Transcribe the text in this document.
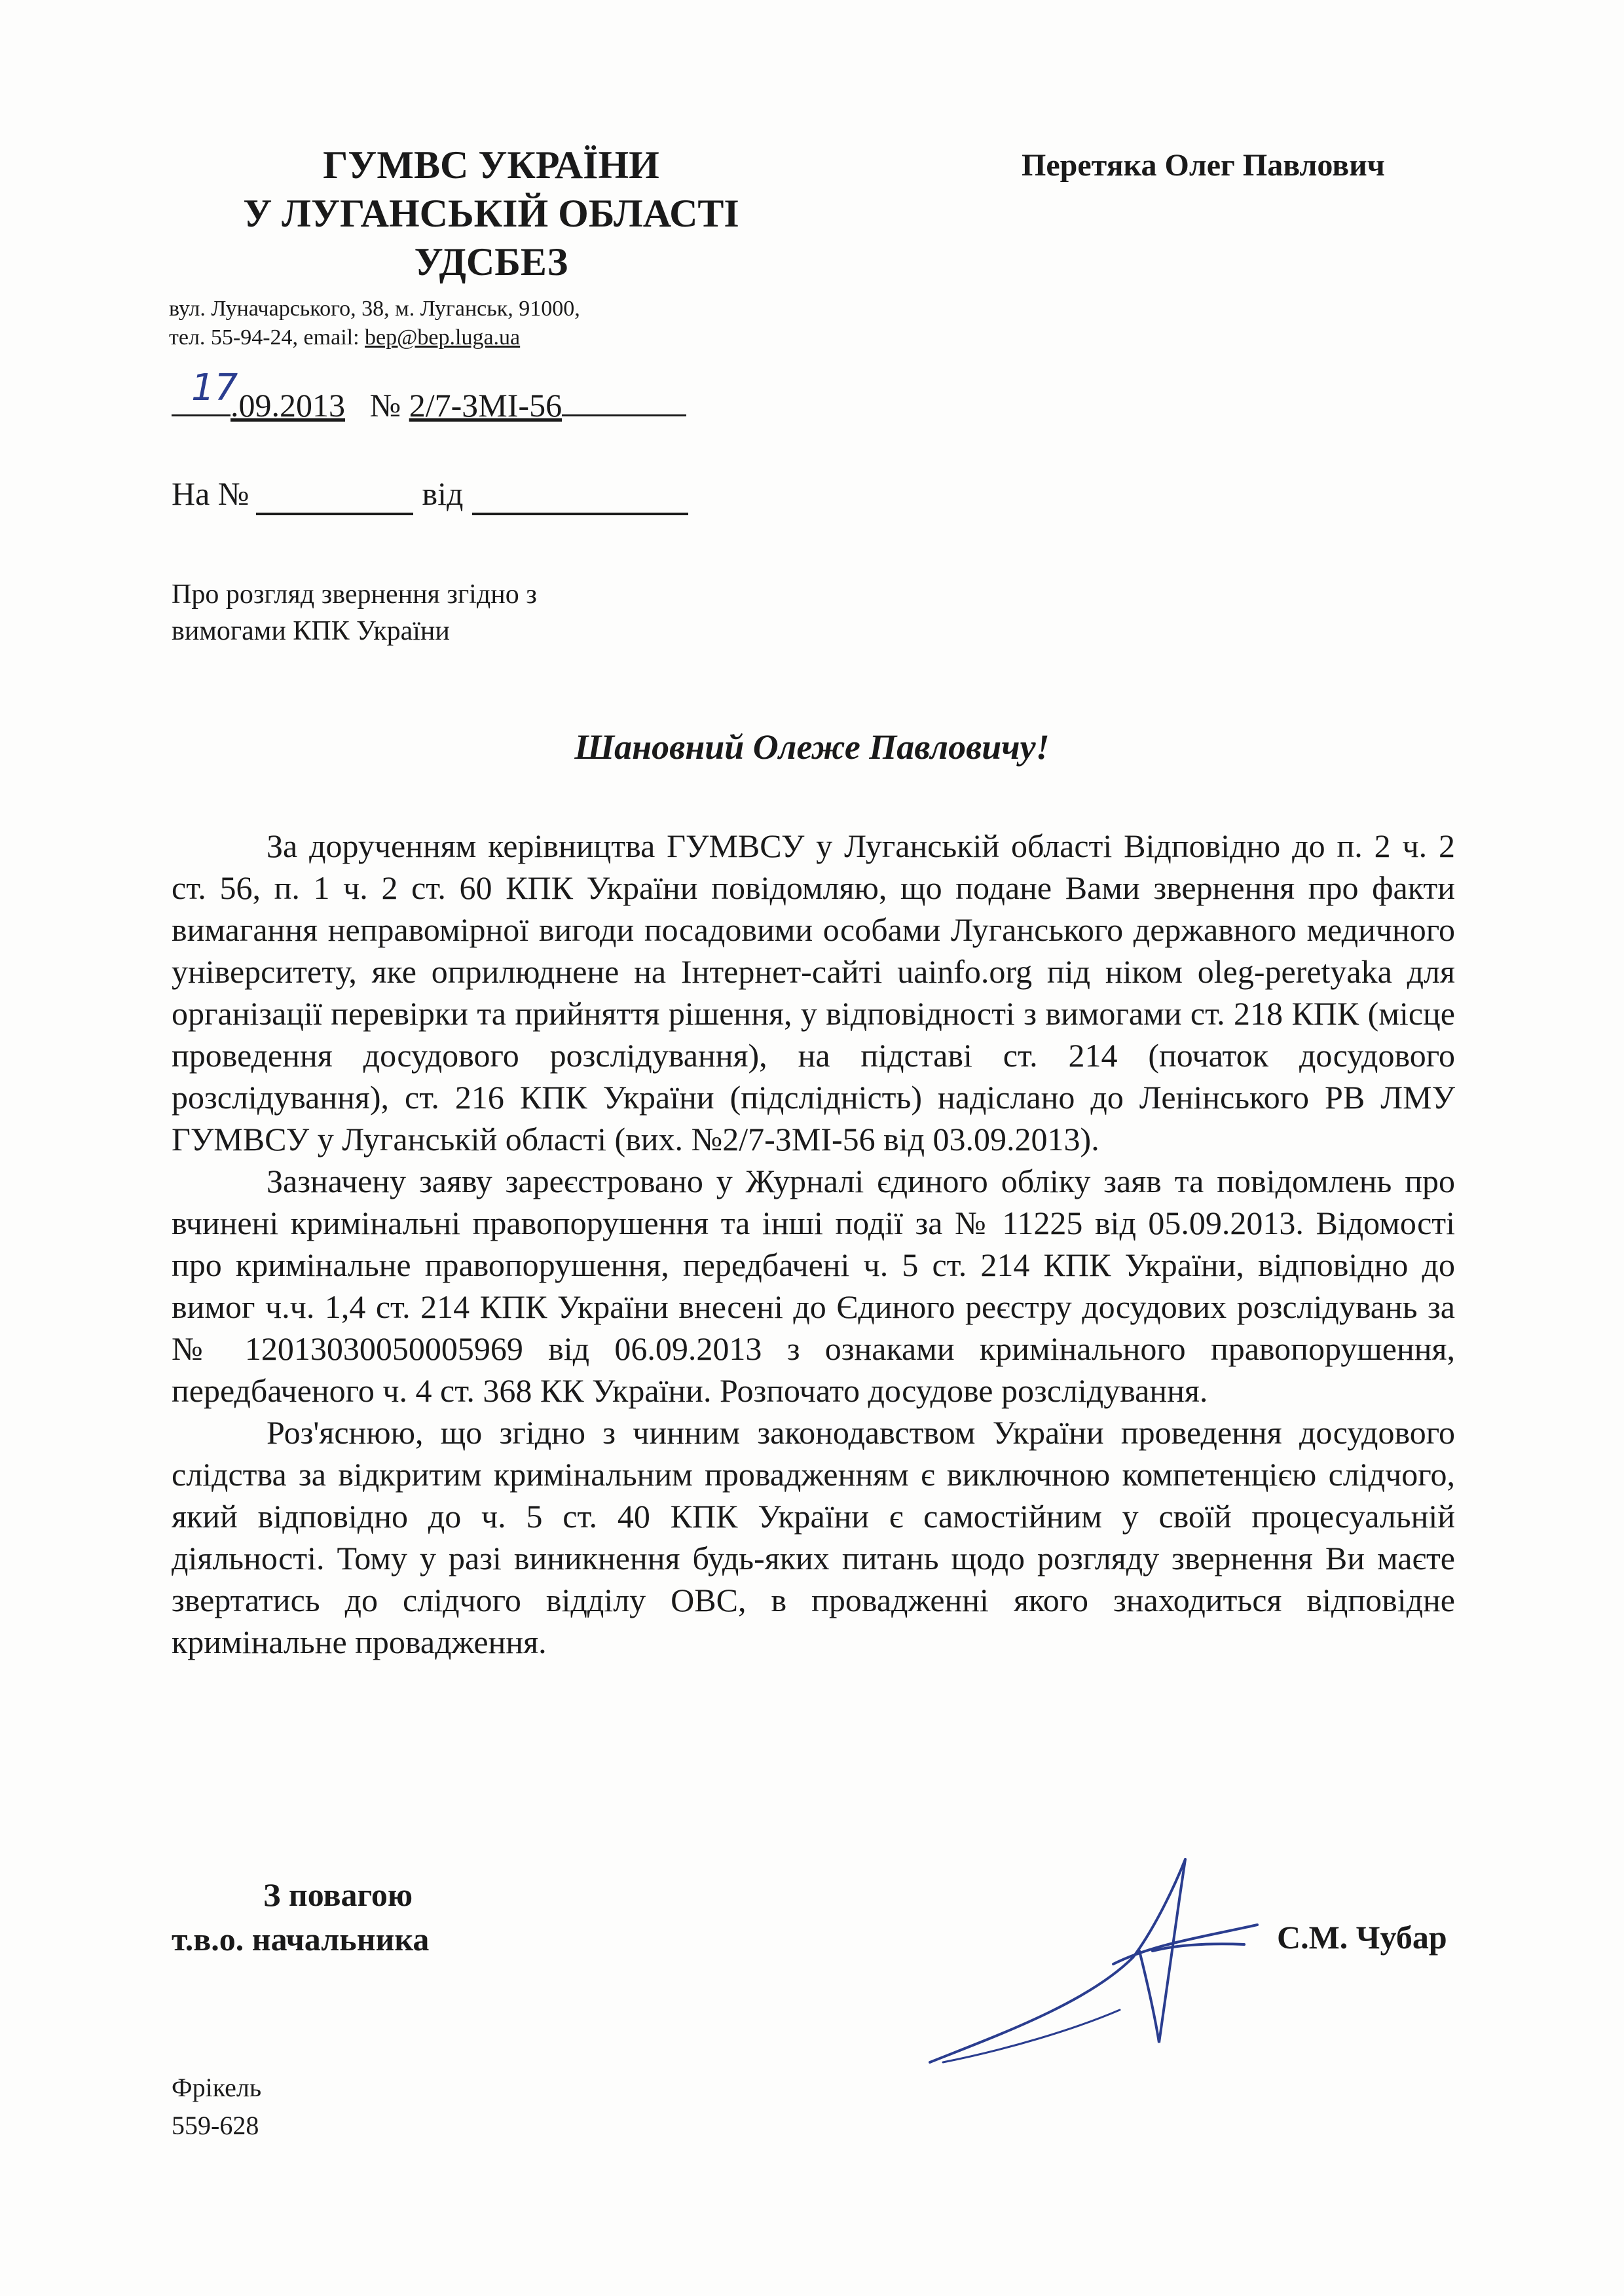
ГУМВС УКРАЇНИ
У ЛУГАНСЬКІЙ ОБЛАСТІ
УДСБЕЗ
вул. Луначарського, 38, м. Луганськ, 91000,
тел. 55-94-24, email: bep@bep.luga.ua
Перетяка Олег Павлович
17
.09.2013 № 2/7-ЗМІ-56
На №	від
Про розгляд звернення згідно з
вимогами КПК України
Шановний Олеже Павловичу!

За дорученням керівництва ГУМВСУ у Луганській області Відповідно до п. 2 ч. 2 ст. 56, п. 1 ч. 2 ст. 60 КПК України повідомляю, що подане Вами звернення про факти вимагання неправомірної вигоди посадовими особами Луганського державного медичного університету, яке оприлюднене на Інтернет-сайті uainfo.org під ніком oleg-peretyaka для організації перевірки та прийняття рішення, у відповідності з вимогами ст. 218 КПК (місце проведення досудового розслідування), на підставі ст. 214 (початок досудового розслідування), ст. 216 КПК України (підслідність) надіслано до Ленінського РВ ЛМУ ГУМВСУ у Луганській області (вих. №2/7-ЗМІ-56 від 03.09.2013).

Зазначену заяву зареєстровано у Журналі єдиного обліку заяв та повідомлень про вчинені кримінальні правопорушення та інші події за № 11225 від 05.09.2013. Відомості про кримінальне правопорушення, передбачені ч. 5 ст. 214 КПК України, відповідно до вимог ч.ч. 1,4 ст. 214 КПК України внесені до Єдиного реєстру досудових розслідувань за № 12013030050005969 від 06.09.2013 з ознаками кримінального правопорушення, передбаченого ч. 4 ст. 368 КК України. Розпочато досудове розслідування.

Роз'яснюю, що згідно з чинним законодавством України проведення досудового слідства за відкритим кримінальним провадженням є виключною компетенцією слідчого, який відповідно до ч. 5 ст. 40 КПК України є самостійним у своїй процесуальній діяльності. Тому у разі виникнення будь-яких питань щодо розгляду звернення Ви маєте звертатись до слідчого відділу ОВС, в провадженні якого знаходиться відповідне кримінальне провадження.

З повагою
т.в.о. начальника	С.М. Чубар
Фрікель
559-628
